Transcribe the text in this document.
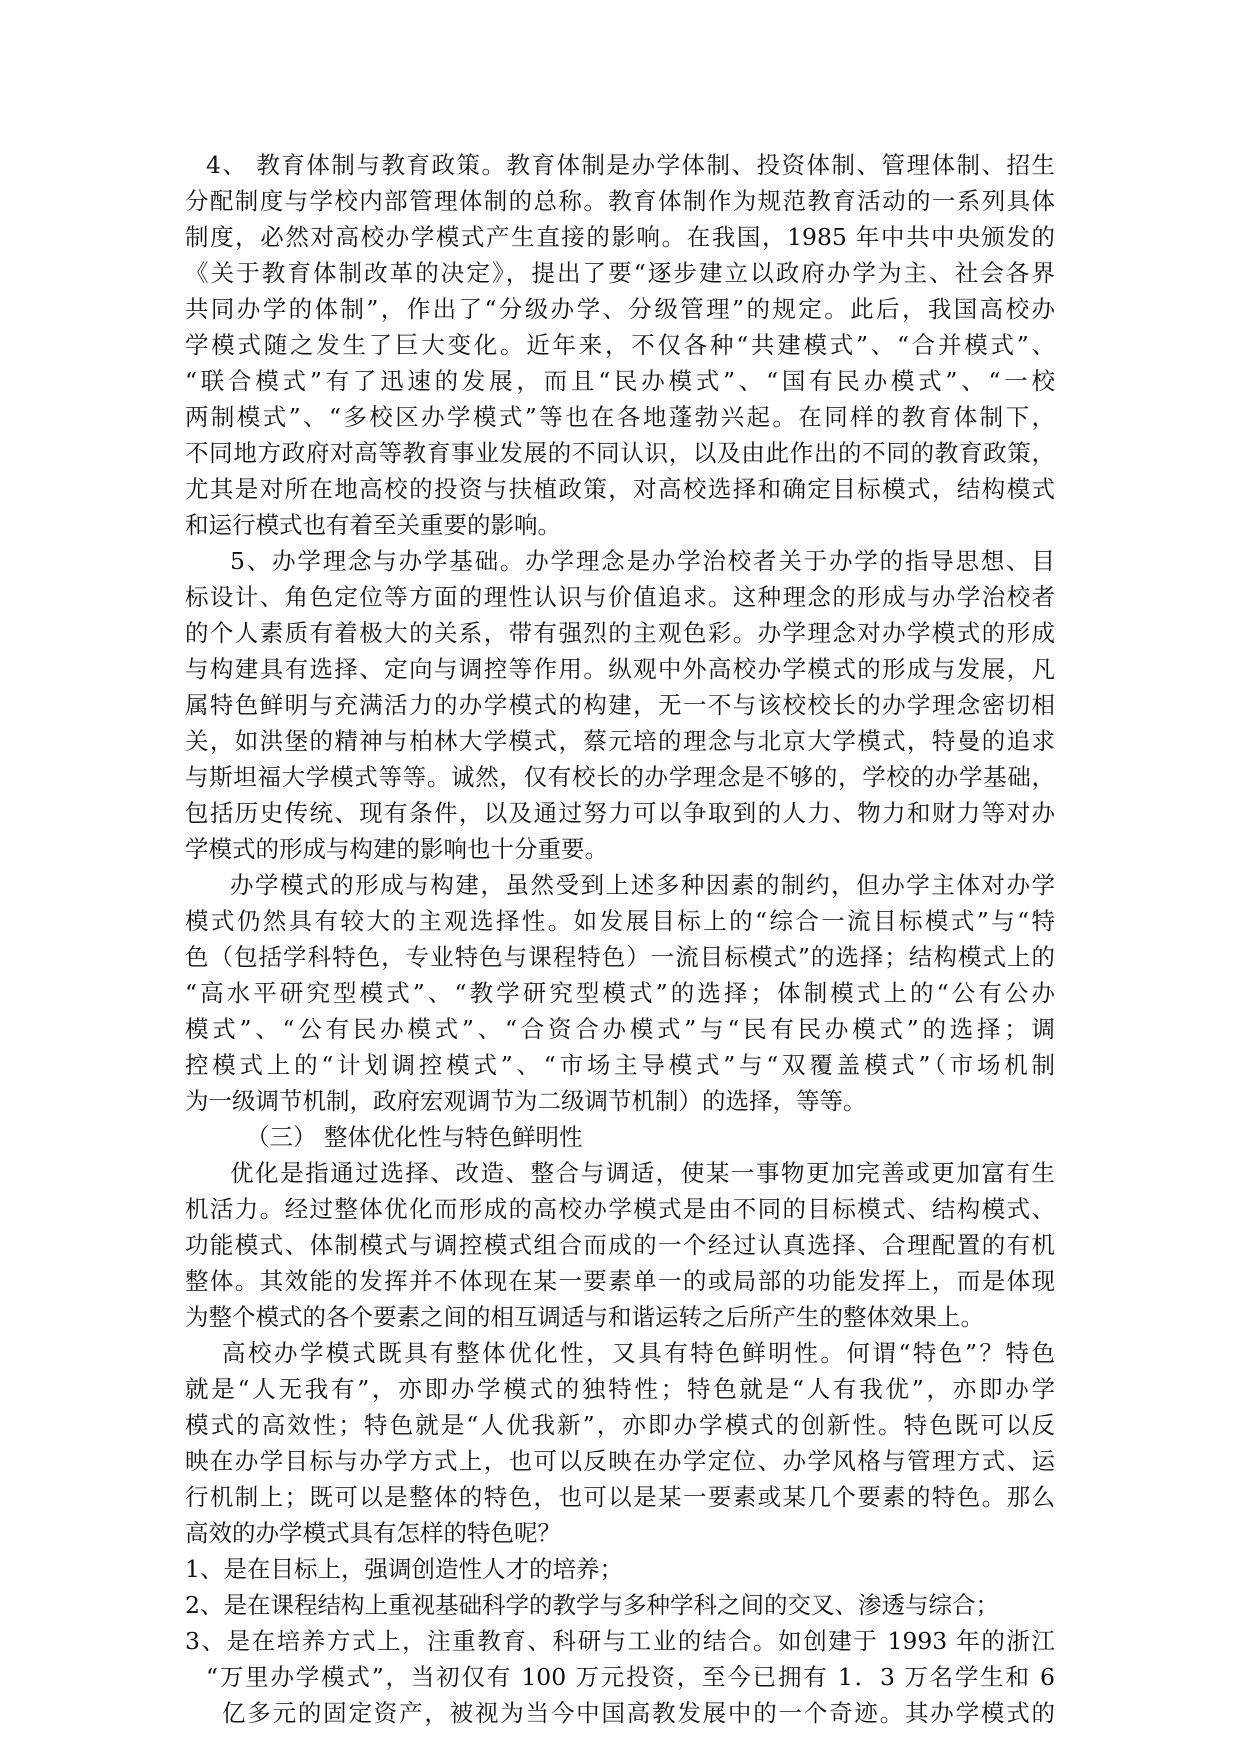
4、 教育体制与教育政策。教育体制是办学体制、投资体制、管理体制、招生
分配制度与学校内部管理体制的总称。教育体制作为规范教育活动的一系列具体
制度，必然对高校办学模式产生直接的影响。在我国，1985 年中共中央颁发的
《关于教育体制改革的决定》，提出了要“逐步建立以政府办学为主、社会各界
共同办学的体制”，作出了“分级办学、分级管理”的规定。此后，我国高校办
学模式随之发生了巨大变化。近年来，不仅各种“共建模式”、“合并模式”、
“联合模式”有了迅速的发展，而且“民办模式”、“国有民办模式”、“一校
两制模式”、“多校区办学模式”等也在各地蓬勃兴起。在同样的教育体制下，
不同地方政府对高等教育事业发展的不同认识，以及由此作出的不同的教育政策，
尤其是对所在地高校的投资与扶植政策，对高校选择和确定目标模式，结构模式
和运行模式也有着至关重要的影响。
5、办学理念与办学基础。办学理念是办学治校者关于办学的指导思想、目
标设计、角色定位等方面的理性认识与价值追求。这种理念的形成与办学治校者
的个人素质有着极大的关系，带有强烈的主观色彩。办学理念对办学模式的形成
与构建具有选择、定向与调控等作用。纵观中外高校办学模式的形成与发展，凡
属特色鲜明与充满活力的办学模式的构建，无一不与该校校长的办学理念密切相
关，如洪堡的精神与柏林大学模式，蔡元培的理念与北京大学模式，特曼的追求
与斯坦福大学模式等等。诚然，仅有校长的办学理念是不够的，学校的办学基础，
包括历史传统、现有条件，以及通过努力可以争取到的人力、物力和财力等对办
学模式的形成与构建的影响也十分重要。
办学模式的形成与构建，虽然受到上述多种因素的制约，但办学主体对办学
模式仍然具有较大的主观选择性。如发展目标上的“综合一流目标模式”与“特
色（包括学科特色，专业特色与课程特色）一流目标模式”的选择；结构模式上的
“高水平研究型模式”、“教学研究型模式”的选择；体制模式上的“公有公办
模式”、“公有民办模式”、“合资合办模式”与“民有民办模式”的选择；调
控模式上的“计划调控模式”、“市场主导模式”与“双覆盖模式”（市场机制
为一级调节机制，政府宏观调节为二级调节机制）的选择，等等。
（三） 整体优化性与特色鲜明性
优化是指通过选择、改造、整合与调适，使某一事物更加完善或更加富有生
机活力。经过整体优化而形成的高校办学模式是由不同的目标模式、结构模式、
功能模式、体制模式与调控模式组合而成的一个经过认真选择、合理配置的有机
整体。其效能的发挥并不体现在某一要素单一的或局部的功能发挥上，而是体现
为整个模式的各个要素之间的相互调适与和谐运转之后所产生的整体效果上。
高校办学模式既具有整体优化性，又具有特色鲜明性。何谓“特色”？特色
就是“人无我有”，亦即办学模式的独特性；特色就是“人有我优”，亦即办学
模式的高效性；特色就是“人优我新”，亦即办学模式的创新性。特色既可以反
映在办学目标与办学方式上，也可以反映在办学定位、办学风格与管理方式、运
行机制上；既可以是整体的特色，也可以是某一要素或某几个要素的特色。那么
高效的办学模式具有怎样的特色呢？
1、是在目标上，强调创造性人才的培养；
2、是在课程结构上重视基础科学的教学与多种学科之间的交叉、渗透与综合；
3、是在培养方式上，注重教育、科研与工业的结合。如创建于 1993 年的浙江
“万里办学模式”，当初仅有 100 万元投资，至今已拥有 1．3 万名学生和 6
亿多元的固定资产，被视为当今中国高教发展中的一个奇迹。其办学模式的
